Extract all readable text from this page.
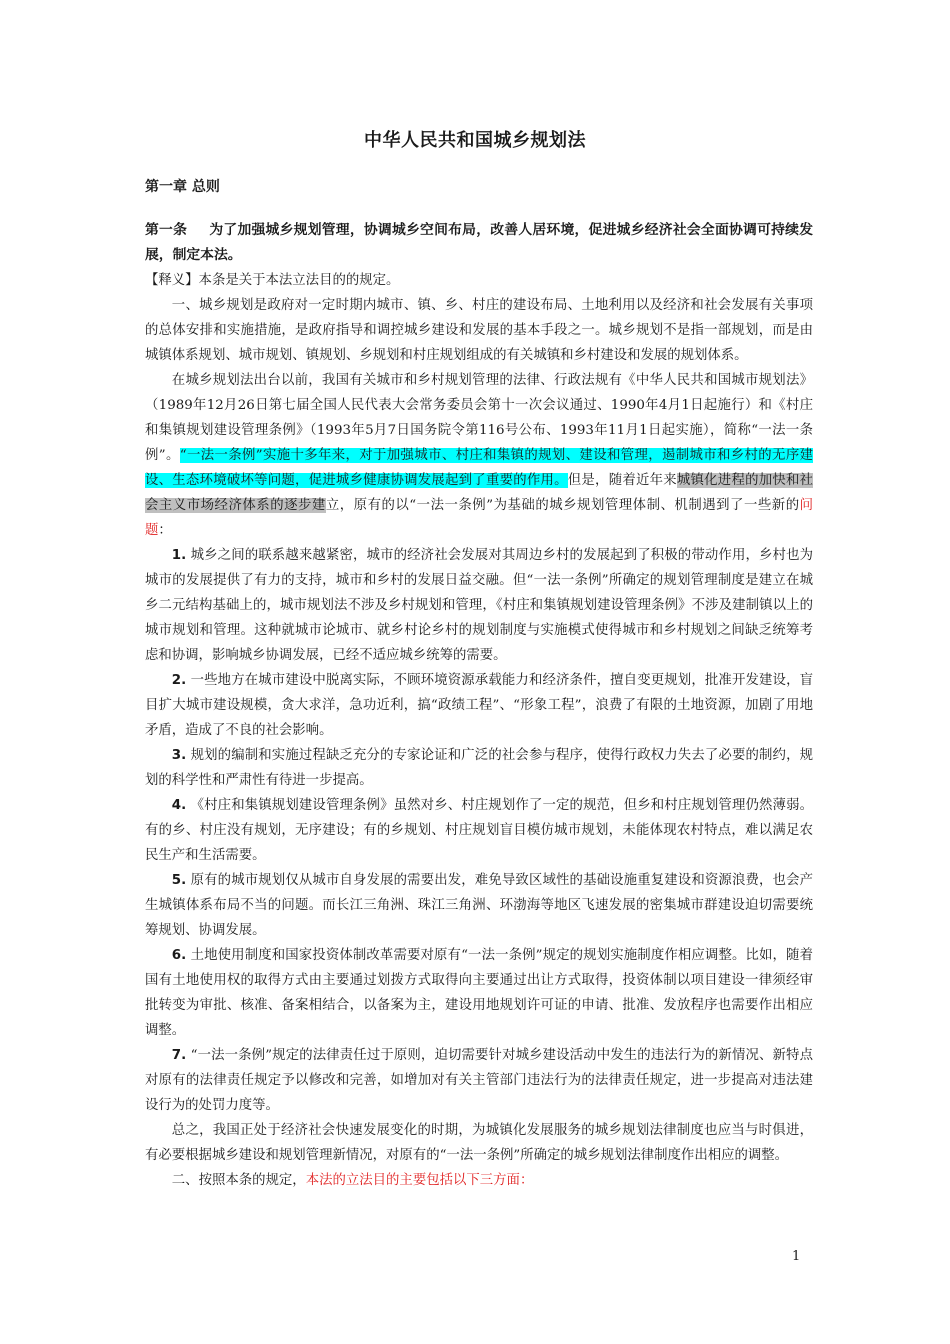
中华人民共和国城乡规划法
第一章 总则

第一条 为了加强城乡规划管理，协调城乡空间布局，改善人居环境，促进城乡经济社会全面协调可持续发展，制定本法。

【释义】本条是关于本法立法目的的规定。

一、城乡规划是政府对一定时期内城市、镇、乡、村庄的建设布局、土地利用以及经济和社会发展有关事项的总体安排和实施措施，是政府指导和调控城乡建设和发展的基本手段之一。城乡规划不是指一部规划，而是由城镇体系规划、城市规划、镇规划、乡规划和村庄规划组成的有关城镇和乡村建设和发展的规划体系。

在城乡规划法出台以前，我国有关城市和乡村规划管理的法律、行政法规有《中华人民共和国城市规划法》（1989年12月26日第七届全国人民代表大会常务委员会第十一次会议通过、1990年4月1日起施行）和《村庄和集镇规划建设管理条例》（1993年5月7日国务院令第116号公布、1993年11月1日起实施），简称“一法一条例”。“一法一条例”实施十多年来，对于加强城市、村庄和集镇的规划、建设和管理，遏制城市和乡村的无序建设、生态环境破坏等问题，促进城乡健康协调发展起到了重要的作用。但是，随着近年来城镇化进程的加快和社会主义市场经济体系的逐步建立，原有的以“一法一条例”为基础的城乡规划管理体制、机制遇到了一些新的问题：

1. 城乡之间的联系越来越紧密，城市的经济社会发展对其周边乡村的发展起到了积极的带动作用，乡村也为城市的发展提供了有力的支持，城市和乡村的发展日益交融。但“一法一条例”所确定的规划管理制度是建立在城乡二元结构基础上的，城市规划法不涉及乡村规划和管理，《村庄和集镇规划建设管理条例》不涉及建制镇以上的城市规划和管理。这种就城市论城市、就乡村论乡村的规划制度与实施模式使得城市和乡村规划之间缺乏统筹考虑和协调，影响城乡协调发展，已经不适应城乡统筹的需要。

2. 一些地方在城市建设中脱离实际，不顾环境资源承载能力和经济条件，擅自变更规划，批准开发建设，盲目扩大城市建设规模，贪大求洋，急功近利，搞“政绩工程”、“形象工程”，浪费了有限的土地资源，加剧了用地矛盾，造成了不良的社会影响。

3. 规划的编制和实施过程缺乏充分的专家论证和广泛的社会参与程序，使得行政权力失去了必要的制约，规划的科学性和严肃性有待进一步提高。

4. 《村庄和集镇规划建设管理条例》虽然对乡、村庄规划作了一定的规范，但乡和村庄规划管理仍然薄弱。有的乡、村庄没有规划，无序建设；有的乡规划、村庄规划盲目模仿城市规划，未能体现农村特点，难以满足农民生产和生活需要。

5. 原有的城市规划仅从城市自身发展的需要出发，难免导致区域性的基础设施重复建设和资源浪费，也会产生城镇体系布局不当的问题。而长江三角洲、珠江三角洲、环渤海等地区飞速发展的密集城市群建设迫切需要统筹规划、协调发展。

6. 土地使用制度和国家投资体制改革需要对原有“一法一条例”规定的规划实施制度作相应调整。比如，随着国有土地使用权的取得方式由主要通过划拨方式取得向主要通过出让方式取得，投资体制以项目建设一律须经审批转变为审批、核准、备案相结合，以备案为主，建设用地规划许可证的申请、批准、发放程序也需要作出相应调整。

7. “一法一条例”规定的法律责任过于原则，迫切需要针对城乡建设活动中发生的违法行为的新情况、新特点对原有的法律责任规定予以修改和完善，如增加对有关主管部门违法行为的法律责任规定，进一步提高对违法建设行为的处罚力度等。

总之，我国正处于经济社会快速发展变化的时期，为城镇化发展服务的城乡规划法律制度也应当与时俱进，有必要根据城乡建设和规划管理新情况，对原有的“一法一条例”所确定的城乡规划法律制度作出相应的调整。

二、按照本条的规定，本法的立法目的主要包括以下三方面：

1
